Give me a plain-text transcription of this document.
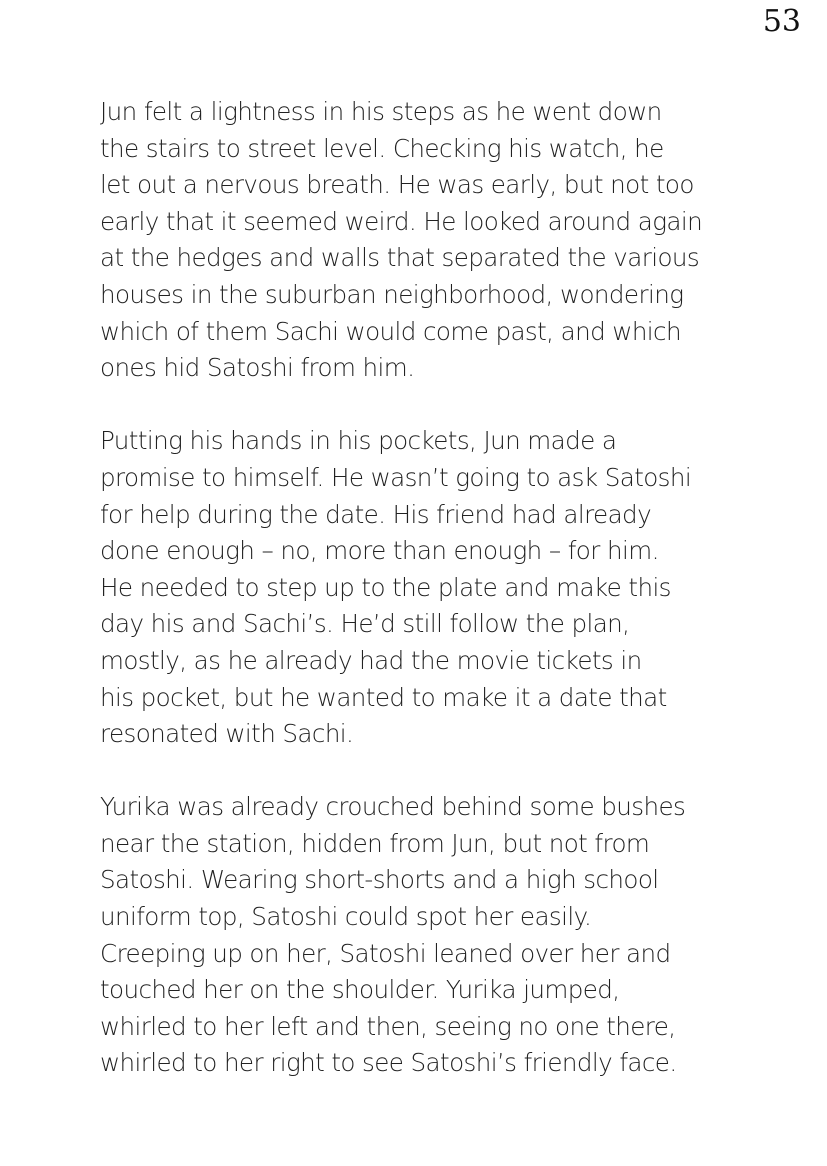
53

Jun felt a lightness in his steps as he went down
the stairs to street level. Checking his watch, he
let out a nervous breath. He was early, but not too
early that it seemed weird. He looked around again
at the hedges and walls that separated the various
houses in the suburban neighborhood, wondering
which of them Sachi would come past, and which
ones hid Satoshi from him.

Putting his hands in his pockets, Jun made a
promise to himself. He wasn’t going to ask Satoshi
for help during the date. His friend had already
done enough – no, more than enough – for him.
He needed to step up to the plate and make this
day his and Sachi’s. He’d still follow the plan,
mostly, as he already had the movie tickets in
his pocket, but he wanted to make it a date that
resonated with Sachi.

Yurika was already crouched behind some bushes
near the station, hidden from Jun, but not from
Satoshi. Wearing short-shorts and a high school
uniform top, Satoshi could spot her easily.
Creeping up on her, Satoshi leaned over her and
touched her on the shoulder. Yurika jumped,
whirled to her left and then, seeing no one there,
whirled to her right to see Satoshi’s friendly face.
